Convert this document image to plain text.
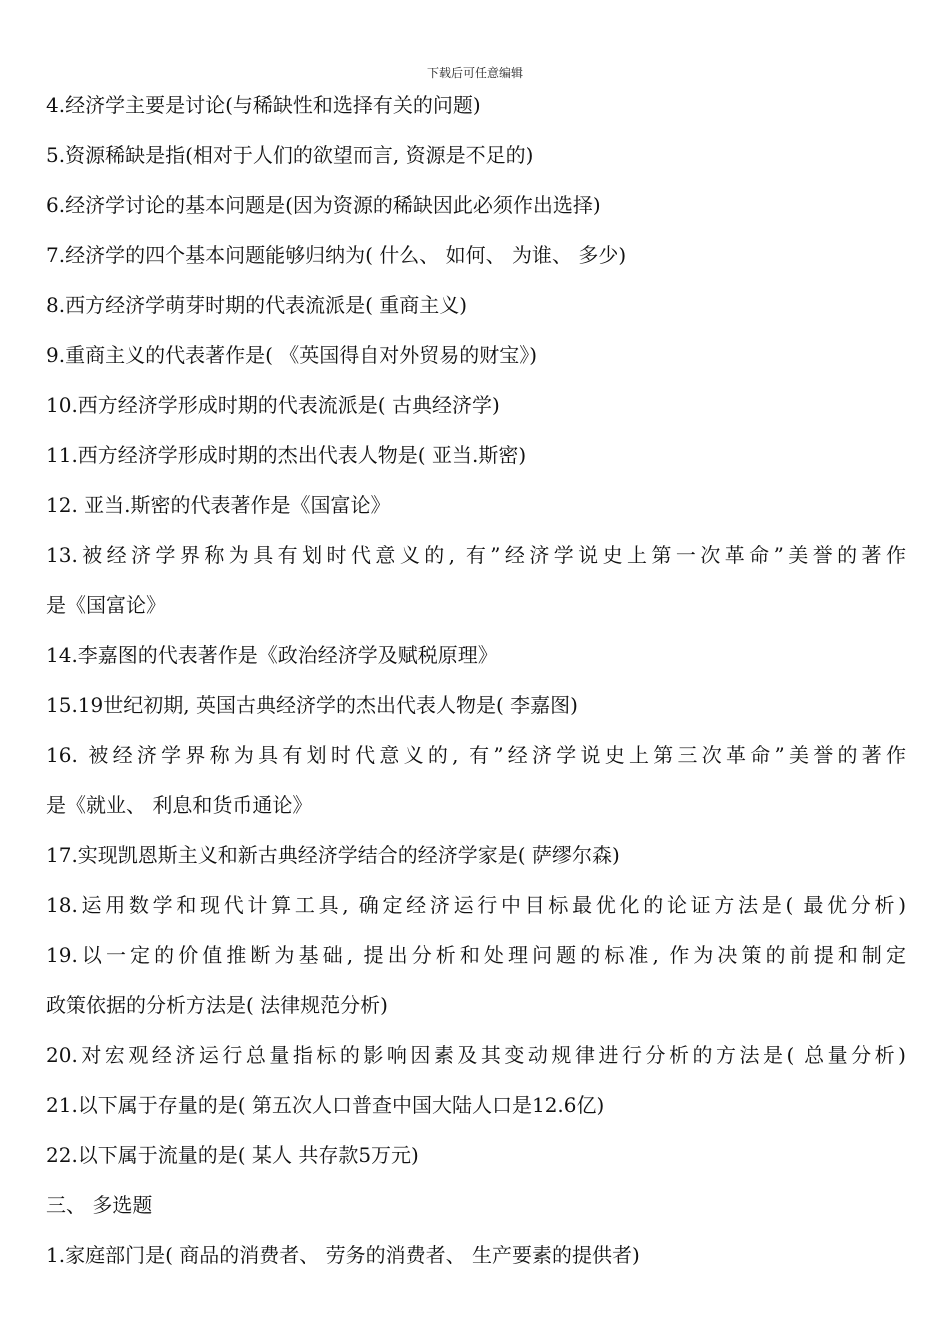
下载后可任意编辑
4.经济学主要是讨论(与稀缺性和选择有关的问题)
5.资源稀缺是指(相对于人们的欲望而言, 资源是不足的)
6.经济学讨论的基本问题是(因为资源的稀缺因此必须作出选择)
7.经济学的四个基本问题能够归纳为( 什么、 如何、 为谁、 多少)
8.西方经济学萌芽时期的代表流派是( 重商主义)
9.重商主义的代表著作是( 《英国得自对外贸易的财宝》)
10.西方经济学形成时期的代表流派是( 古典经济学)
11.西方经济学形成时期的杰出代表人物是( 亚当.斯密)
12. 亚当.斯密的代表著作是《国富论》
13.被经济学界称为具有划时代意义的, 有”经济学说史上第一次革命”美誉的著作
是《国富论》
14.李嘉图的代表著作是《政治经济学及赋税原理》
15.19世纪初期, 英国古典经济学的杰出代表人物是( 李嘉图)
16. 被经济学界称为具有划时代意义的, 有”经济学说史上第三次革命”美誉的著作
是《就业、 利息和货币通论》
17.实现凯恩斯主义和新古典经济学结合的经济学家是( 萨缪尔森)
18.运用数学和现代计算工具, 确定经济运行中目标最优化的论证方法是( 最优分析)
19.以一定的价值推断为基础, 提出分析和处理问题的标准, 作为决策的前提和制定
政策依据的分析方法是( 法律规范分析)
20.对宏观经济运行总量指标的影响因素及其变动规律进行分析的方法是( 总量分析)
21.以下属于存量的是( 第五次人口普查中国大陆人口是12.6亿)
22.以下属于流量的是( 某人 共存款5万元)
三、 多选题
1.家庭部门是( 商品的消费者、 劳务的消费者、 生产要素的提供者)
